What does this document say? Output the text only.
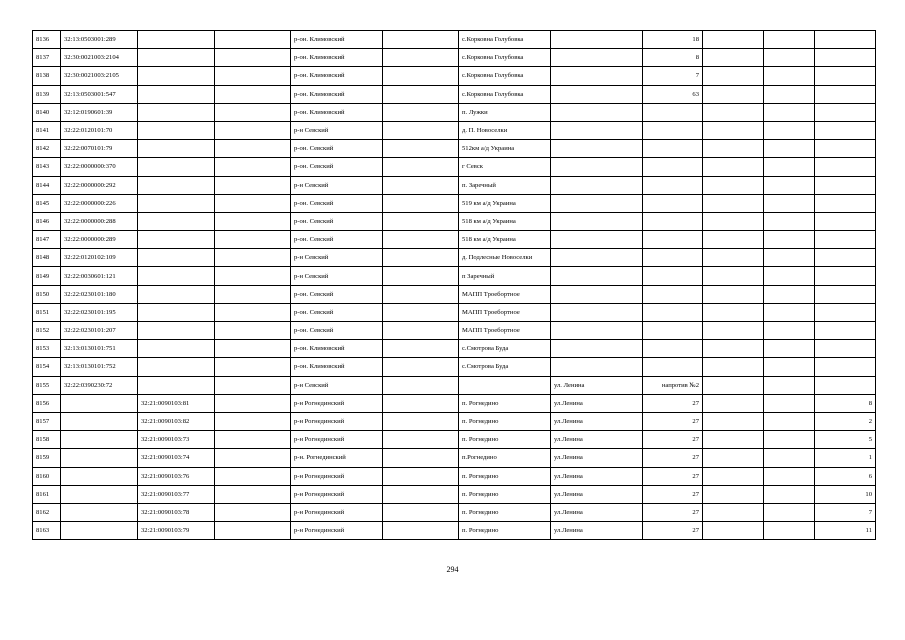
8136	32:13:0503001:289			р-он. Климовский		с.Корковна Голубовка		18			
8137	32:30:0021003:2104			р-он. Климовский		с.Корковна Голубовка		8			
8138	32:30:0021003:2105			р-он. Климовский		с.Корковна Голубовка		7			
8139	32:13:0503001:547			р-он. Климовский		с.Корковна Голубовка		63			
8140	32:12:0190601:39			р-он. Климовский		п. Лужки					
8141	32:22:0120101:70			р-н Севский		д. П. Новоселки					
8142	32:22:0070101:79			р-он. Севский		512км а/д Украина					
8143	32:22:0000000:370			р-он. Севский		г Севск					
8144	32:22:0000000:292			р-н Севский		п. Заречный					
8145	32:22:0000000:226			р-он. Севский		519 км а/д Украина					
8146	32:22:0000000:288			р-он. Севский		518 км а/д Украина					
8147	32:22:0000000:289			р-он. Севский		518 км а/д Украина					
8148	32:22:0120102:109			р-н Севский		д. Подлесные Новоселки					
8149	32:22:0030601:121			р-н Севский		п Заречный					
8150	32:22:0230101:180			р-он. Севский		МАПП Троебортное					
8151	32:22:0230101:195			р-он. Севский		МАПП Троебортное					
8152	32:22:0230101:207			р-он. Севский		МАПП Троебортное					
8153	32:13:0130101:751			р-он. Климовский		с.Смотрова Буда					
8154	32:13:0130101:752			р-он. Климовский		с.Смотрова Буда					
8155	32:22:0390230:72			р-н Севский			ул. Ленина	напротив №2			
8156		32:21:0090103:81		р-н Рогнединский		п. Рогнедино	ул.Ленина	27			8
8157		32:21:0090103:82		р-н Рогнединский		п. Рогнедино	ул.Ленина	27			2
8158		32:21:0090103:73		р-н Рогнединский		п. Рогнедино	ул.Ленина	27			5
8159		32:21:0090103:74		р-н. Рогнединский		п.Рогнедино	ул.Ленина	27			1
8160		32:21:0090103:76		р-н Рогнединский		п. Рогнедино	ул.Ленина	27			6
8161		32:21:0090103:77		р-н Рогнединский		п. Рогнедино	ул.Ленина	27			10
8162		32:21:0090103:78		р-н Рогнединский		п. Рогнедино	ул.Ленина	27			7
8163		32:21:0090103:79		р-н Рогнединский		п. Рогнедино	ул.Ленина	27			11
294
